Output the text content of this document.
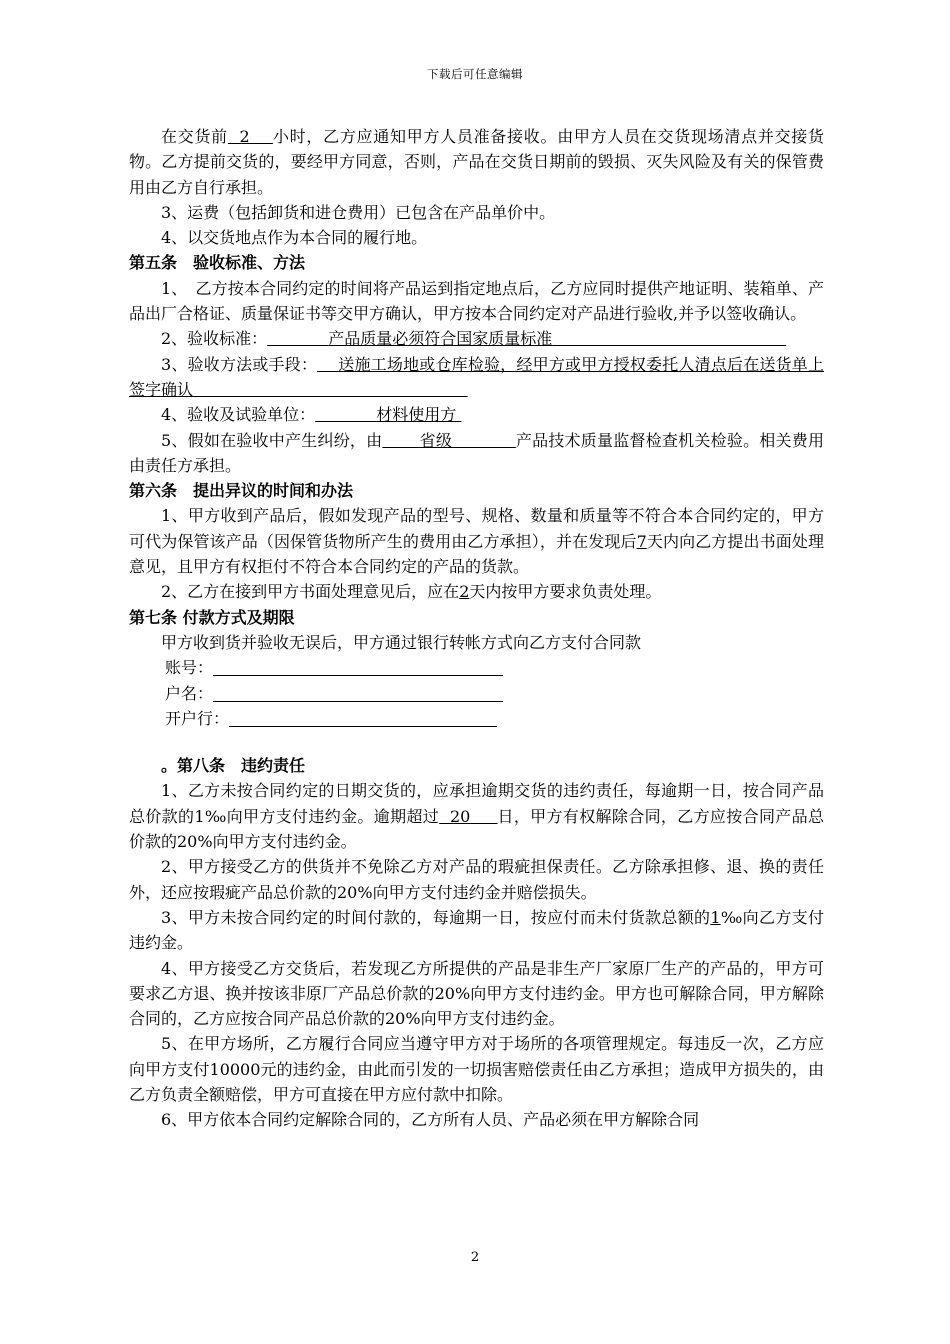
下载后可任意编辑

在交货前 2 小时，乙方应通知甲方人员准备接收。由甲方人员在交货现场清点并交接货物。乙方提前交货的，要经甲方同意，否则，产品在交货日期前的毁损、灭失风险及有关的保管费用由乙方自行承担。

3、运费（包括卸货和进仓费用）已包含在产品单价中。

4、以交货地点作为本合同的履行地。

第五条　验收标准、方法

1、　乙方按本合同约定的时间将产品运到指定地点后，乙方应同时提供产地证明、装箱单、产品出厂合格证、质量保证书等交甲方确认，甲方按本合同约定对产品进行验收,并予以签收确认。

2、验收标准：	产品质量必须符合国家质量标准

3、验收方法或手段： 送施工场地或仓库检验，经甲方或甲方授权委托人清点后在送货单上签字确认

4、验收及试验单位：	材料使用方

5、假如在验收中产生纠纷，由 省级	产品技术质量监督检查机关检验。相关费用由责任方承担。

第六条　提出异议的时间和办法

1、甲方收到产品后，假如发现产品的型号、规格、数量和质量等不符合本合同约定的，甲方可代为保管该产品（因保管货物所产生的费用由乙方承担），并在发现后7天内向乙方提出书面处理意见，且甲方有权拒付不符合本合同约定的产品的货款。

2、乙方在接到甲方书面处理意见后，应在2天内按甲方要求负责处理。

第七条 付款方式及期限

甲方收到货并验收无误后，甲方通过银行转帐方式向乙方支付合同款

账号：

户名：

开户行：

。第八条　违约责任

1、乙方未按合同约定的日期交货的，应承担逾期交货的违约责任，每逾期一日，按合同产品总价款的1‰向甲方支付违约金。逾期超过 20 日，甲方有权解除合同，乙方应按合同产品总价款的20%向甲方支付违约金。

2、甲方接受乙方的供货并不免除乙方对产品的瑕疵担保责任。乙方除承担修、退、换的责任外，还应按瑕疵产品总价款的20%向甲方支付违约金并赔偿损失。

3、甲方未按合同约定的时间付款的，每逾期一日，按应付而未付货款总额的1‰向乙方支付违约金。

4、甲方接受乙方交货后，若发现乙方所提供的产品是非生产厂家原厂生产的产品的，甲方可要求乙方退、换并按该非原厂产品总价款的20%向甲方支付违约金。甲方也可解除合同，甲方解除合同的，乙方应按合同产品总价款的20%向甲方支付违约金。

5、在甲方场所，乙方履行合同应当遵守甲方对于场所的各项管理规定。每违反一次，乙方应向甲方支付10000元的违约金，由此而引发的一切损害赔偿责任由乙方承担；造成甲方损失的，由乙方负责全额赔偿，甲方可直接在甲方应付款中扣除。

6、甲方依本合同约定解除合同的，乙方所有人员、产品必须在甲方解除合同

2
